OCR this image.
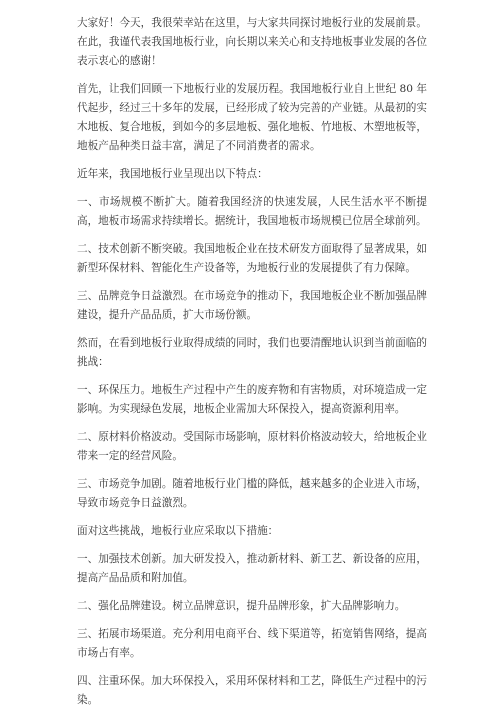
大家好！今天，我很荣幸站在这里，与大家共同探讨地板行业的发展前景。在此，我谨代表我国地板行业，向长期以来关心和支持地板事业发展的各位表示衷心的感谢！

首先，让我们回顾一下地板行业的发展历程。我国地板行业自上世纪 80 年代起步，经过三十多年的发展，已经形成了较为完善的产业链。从最初的实木地板、复合地板，到如今的多层地板、强化地板、竹地板、木塑地板等，地板产品种类日益丰富，满足了不同消费者的需求。

近年来，我国地板行业呈现出以下特点：

一、市场规模不断扩大。随着我国经济的快速发展，人民生活水平不断提高，地板市场需求持续增长。据统计，我国地板市场规模已位居全球前列。

二、技术创新不断突破。我国地板企业在技术研发方面取得了显著成果，如新型环保材料、智能化生产设备等，为地板行业的发展提供了有力保障。

三、品牌竞争日益激烈。在市场竞争的推动下，我国地板企业不断加强品牌建设，提升产品品质，扩大市场份额。

然而，在看到地板行业取得成绩的同时，我们也要清醒地认识到当前面临的挑战：

一、环保压力。地板生产过程中产生的废弃物和有害物质，对环境造成一定影响。为实现绿色发展，地板企业需加大环保投入，提高资源利用率。

二、原材料价格波动。受国际市场影响，原材料价格波动较大，给地板企业带来一定的经营风险。

三、市场竞争加剧。随着地板行业门槛的降低，越来越多的企业进入市场，导致市场竞争日益激烈。

面对这些挑战，地板行业应采取以下措施：

一、加强技术创新。加大研发投入，推动新材料、新工艺、新设备的应用，提高产品品质和附加值。

二、强化品牌建设。树立品牌意识，提升品牌形象，扩大品牌影响力。

三、拓展市场渠道。充分利用电商平台、线下渠道等，拓宽销售网络，提高市场占有率。

四、注重环保。加大环保投入，采用环保材料和工艺，降低生产过程中的污染。
